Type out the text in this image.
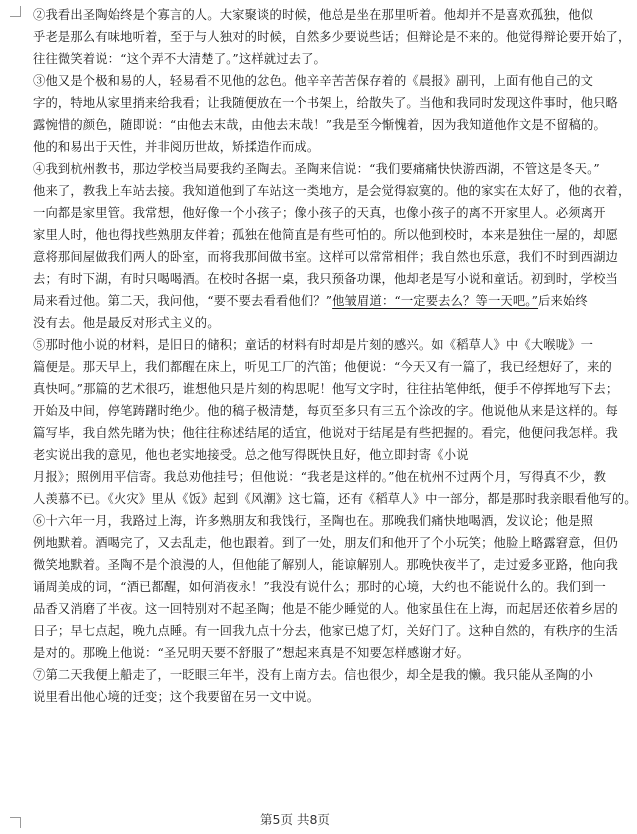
②我看出圣陶始终是个寡言的人。大家聚谈的时候，他总是坐在那里听着。他却并不是喜欢孤独，他似
乎老是那么有味地听着，至于与人独对的时候，自然多少要说些话；但辩论是不来的。他觉得辩论要开始了，
往往微笑着说：“这个弄不大清楚了。”这样就过去了。
③他又是个极和易的人，轻易看不见他的忿色。他辛辛苦苦保存着的《晨报》副刊，上面有他自己的文
字的，特地从家里捎来给我看；让我随便放在一个书架上，给散失了。当他和我同时发现这件事时，他只略
露惋惜的颜色，随即说：“由他去末哉，由他去末哉！”我是至今惭愧着，因为我知道他作文是不留稿的。
他的和易出于天性，并非阅历世故，矫揉造作而成。
④我到杭州教书，那边学校当局要我约圣陶去。圣陶来信说：“我们要痛痛快快游西湖，不管这是冬天。”
他来了，教我上车站去接。我知道他到了车站这一类地方，是会觉得寂寞的。他的家实在太好了，他的衣着，
一向都是家里管。我常想，他好像一个小孩子；像小孩子的天真，也像小孩子的离不开家里人。必须离开
家里人时，他也得找些熟朋友伴着；孤独在他简直是有些可怕的。所以他到校时，本来是独住一屋的，却愿
意将那间屋做我们两人的卧室，而将我那间做书室。这样可以常常相伴；我自然也乐意，我们不时到西湖边
去；有时下湖，有时只喝喝酒。在校时各据一桌，我只预备功课，他却老是写小说和童话。初到时，学校当
局来看过他。第二天，我问他，“要不要去看看他们？”他皱眉道：“一定要去么？等一天吧。”后来始终
没有去。他是最反对形式主义的。
⑤那时他小说的材料，是旧日的储积；童话的材料有时却是片刻的感兴。如《稻草人》中《大喉咙》一
篇便是。那天早上，我们都醒在床上，听见工厂的汽笛；他便说：“今天又有一篇了，我已经想好了，来的
真快呵。”那篇的艺术很巧，谁想他只是片刻的构思呢！他写文字时，往往拈笔伸纸，便手不停挥地写下去；
开始及中间，停笔踌躇时绝少。他的稿子极清楚，每页至多只有三五个涂改的字。他说他从来是这样的。每
篇写毕，我自然先睹为快；他往往称述结尾的适宜，他说对于结尾是有些把握的。看完，他便问我怎样。我
老实说出我的意见，他也老实地接受。总之他写得既快且好，他立即封寄《小说
月报》；照例用平信寄。我总劝他挂号；但他说：“我老是这样的。”他在杭州不过两个月，写得真不少，教
人羡慕不已。《火灾》里从《饭》起到《风潮》这七篇，还有《稻草人》中一部分，都是那时我亲眼看他写的。
⑥十六年一月，我路过上海，许多熟朋友和我饯行，圣陶也在。那晚我们痛快地喝酒，发议论；他是照
例地默着。酒喝完了，又去乱走，他也跟着。到了一处，朋友们和他开了个小玩笑；他脸上略露窘意，但仍
微笑地默着。圣陶不是个浪漫的人，但他能了解别人，能谅解别人。那晚快夜半了，走过爱多亚路，他向我
诵周美成的词，“酒已都醒，如何消夜永！”我没有说什么；那时的心境，大约也不能说什么的。我们到一
品香又消磨了半夜。这一回特别对不起圣陶；他是不能少睡觉的人。他家虽住在上海，而起居还依着乡居的
日子；早七点起，晚九点睡。有一回我九点十分去，他家已熄了灯，关好门了。这种自然的，有秩序的生活
是对的。那晚上他说：“圣兄明天要不舒服了”想起来真是不知要怎样感谢才好。
⑦第二天我便上船走了，一眨眼三年半，没有上南方去。信也很少，却全是我的懒。我只能从圣陶的小
说里看出他心境的迁变；这个我要留在另一文中说。
第5页 共8页
